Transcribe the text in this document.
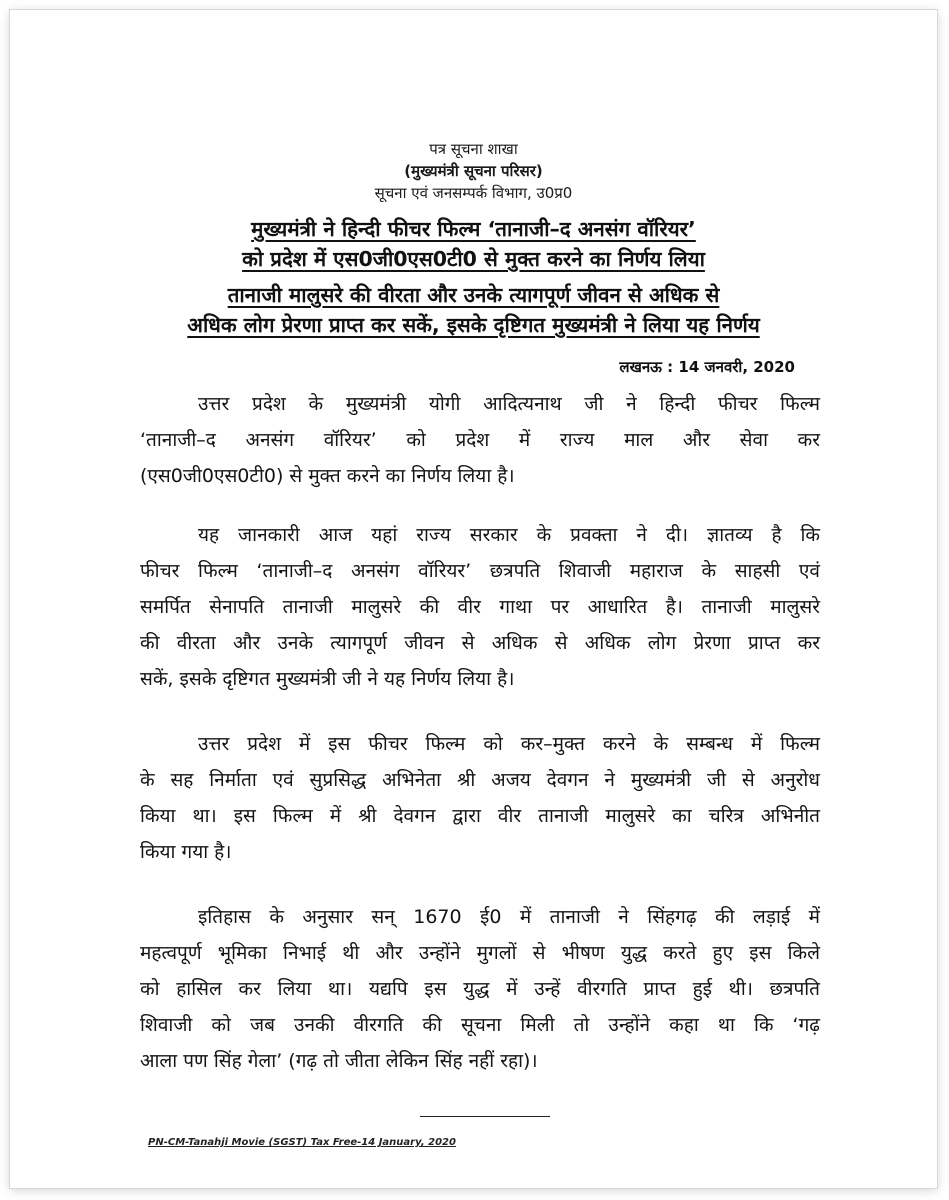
पत्र सूचना शाखा
(मुख्यमंत्री सूचना परिसर)
सूचना एवं जनसम्पर्क विभाग, उ0प्र0
मुख्यमंत्री ने हिन्दी फीचर फिल्म ‘तानाजी–द अनसंग वॉरियर’
को प्रदेश में एस0जी0एस0टी0 से मुक्त करने का निर्णय लिया
तानाजी मालुसरे की वीरता और उनके त्यागपूर्ण जीवन से अधिक से
अधिक लोग प्रेरणा प्राप्त कर सकें, इसके दृष्टिगत मुख्यमंत्री ने लिया यह निर्णय
लखनऊ : 14 जनवरी, 2020
उत्तर प्रदेश के मुख्यमंत्री योगी आदित्यनाथ जी ने हिन्दी फीचर फिल्म
‘तानाजी–द अनसंग वॉरियर’ को प्रदेश में राज्य माल और सेवा कर
(एस0जी0एस0टी0) से मुक्त करने का निर्णय लिया है।
यह जानकारी आज यहां राज्य सरकार के प्रवक्ता ने दी। ज्ञातव्य है कि
फीचर फिल्म ‘तानाजी–द अनसंग वॉरियर’ छत्रपति शिवाजी महाराज के साहसी एवं
समर्पित सेनापति तानाजी मालुसरे की वीर गाथा पर आधारित है। तानाजी मालुसरे
की वीरता और उनके त्यागपूर्ण जीवन से अधिक से अधिक लोग प्रेरणा प्राप्त कर
सकें, इसके दृष्टिगत मुख्यमंत्री जी ने यह निर्णय लिया है।
उत्तर प्रदेश में इस फीचर फिल्म को कर–मुक्त करने के सम्बन्ध में फिल्म
के सह निर्माता एवं सुप्रसिद्ध अभिनेता श्री अजय देवगन ने मुख्यमंत्री जी से अनुरोध
किया था। इस फिल्म में श्री देवगन द्वारा वीर तानाजी मालुसरे का चरित्र अभिनीत
किया गया है।
इतिहास के अनुसार सन् 1670 ई0 में तानाजी ने सिंहगढ़ की लड़ाई में
महत्वपूर्ण भूमिका निभाई थी और उन्होंने मुगलों से भीषण युद्ध करते हुए इस किले
को हासिल कर लिया था। यद्यपि इस युद्ध में उन्हें वीरगति प्राप्त हुई थी। छत्रपति
शिवाजी को जब उनकी वीरगति की सूचना मिली तो उन्होंने कहा था कि ‘गढ़
आला पण सिंह गेला’ (गढ़ तो जीता लेकिन सिंह नहीं रहा)।
PN-CM-Tanahji Movie (SGST) Tax Free-14 January, 2020
